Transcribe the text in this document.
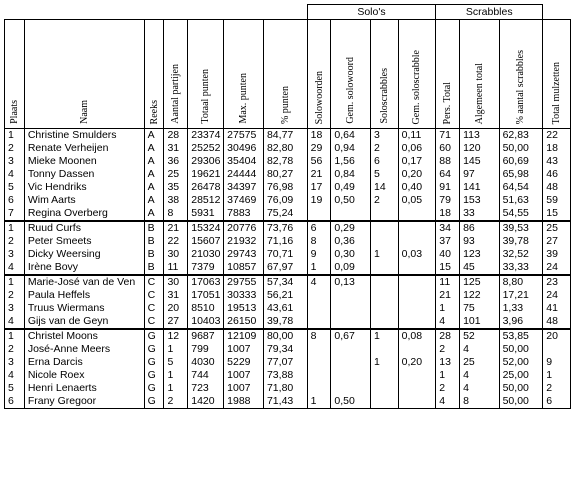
							Solo's				Scrabbles			
Plaats	Naam	Reeks	Aantal partijen	Totaal punten	Max. punten	% punten	Solowoorden	Gem. solowoord	Soloscrabbles	Gem. soloscrabble	Pers. Total	Algemeen total	% aantal scrabbles	Total mulzetten
1	Christine Smulders	A	28	23374	27575	84,77	18	0,64	3	0,11	71	113	62,83	22
2	Renate Verheijen	A	31	25252	30496	82,80	29	0,94	2	0,06	60	120	50,00	18
3	Mieke Moonen	A	36	29306	35404	82,78	56	1,56	6	0,17	88	145	60,69	43
4	Tonny Dassen	A	25	19621	24444	80,27	21	0,84	5	0,20	64	97	65,98	46
5	Vic Hendriks	A	35	26478	34397	76,98	17	0,49	14	0,40	91	141	64,54	48
6	Wim Aarts	A	38	28512	37469	76,09	19	0,50	2	0,05	79	153	51,63	59
7	Regina Overberg	A	8	5931	7883	75,24					18	33	54,55	15
1	Ruud Curfs	B	21	15324	20776	73,76	6	0,29			34	86	39,53	25
2	Peter Smeets	B	22	15607	21932	71,16	8	0,36			37	93	39,78	27
3	Dicky Weersing	B	30	21030	29743	70,71	9	0,30	1	0,03	40	123	32,52	39
4	Irène Bovy	B	11	7379	10857	67,97	1	0,09			15	45	33,33	24
1	Marie-José van de Ven	C	30	17063	29755	57,34	4	0,13			11	125	8,80	23
2	Paula Heffels	C	31	17051	30333	56,21					21	122	17,21	24
3	Truus Wiermans	C	20	8510	19513	43,61					1	75	1,33	41
4	Gijs van de Geyn	C	27	10403	26150	39,78					4	101	3,96	48
1	Christel Moons	G	12	9687	12109	80,00	8	0,67	1	0,08	28	52	53,85	20
2	José-Anne Meers	G	1	799	1007	79,34					2	4	50,00	
3	Erna Darcis	G	5	4030	5229	77,07			1	0,20	13	25	52,00	9
4	Nicole Roex	G	1	744	1007	73,88					1	4	25,00	1
5	Henri Lenaerts	G	1	723	1007	71,80					2	4	50,00	2
6	Frany Gregoor	G	2	1420	1988	71,43	1	0,50			4	8	50,00	6
